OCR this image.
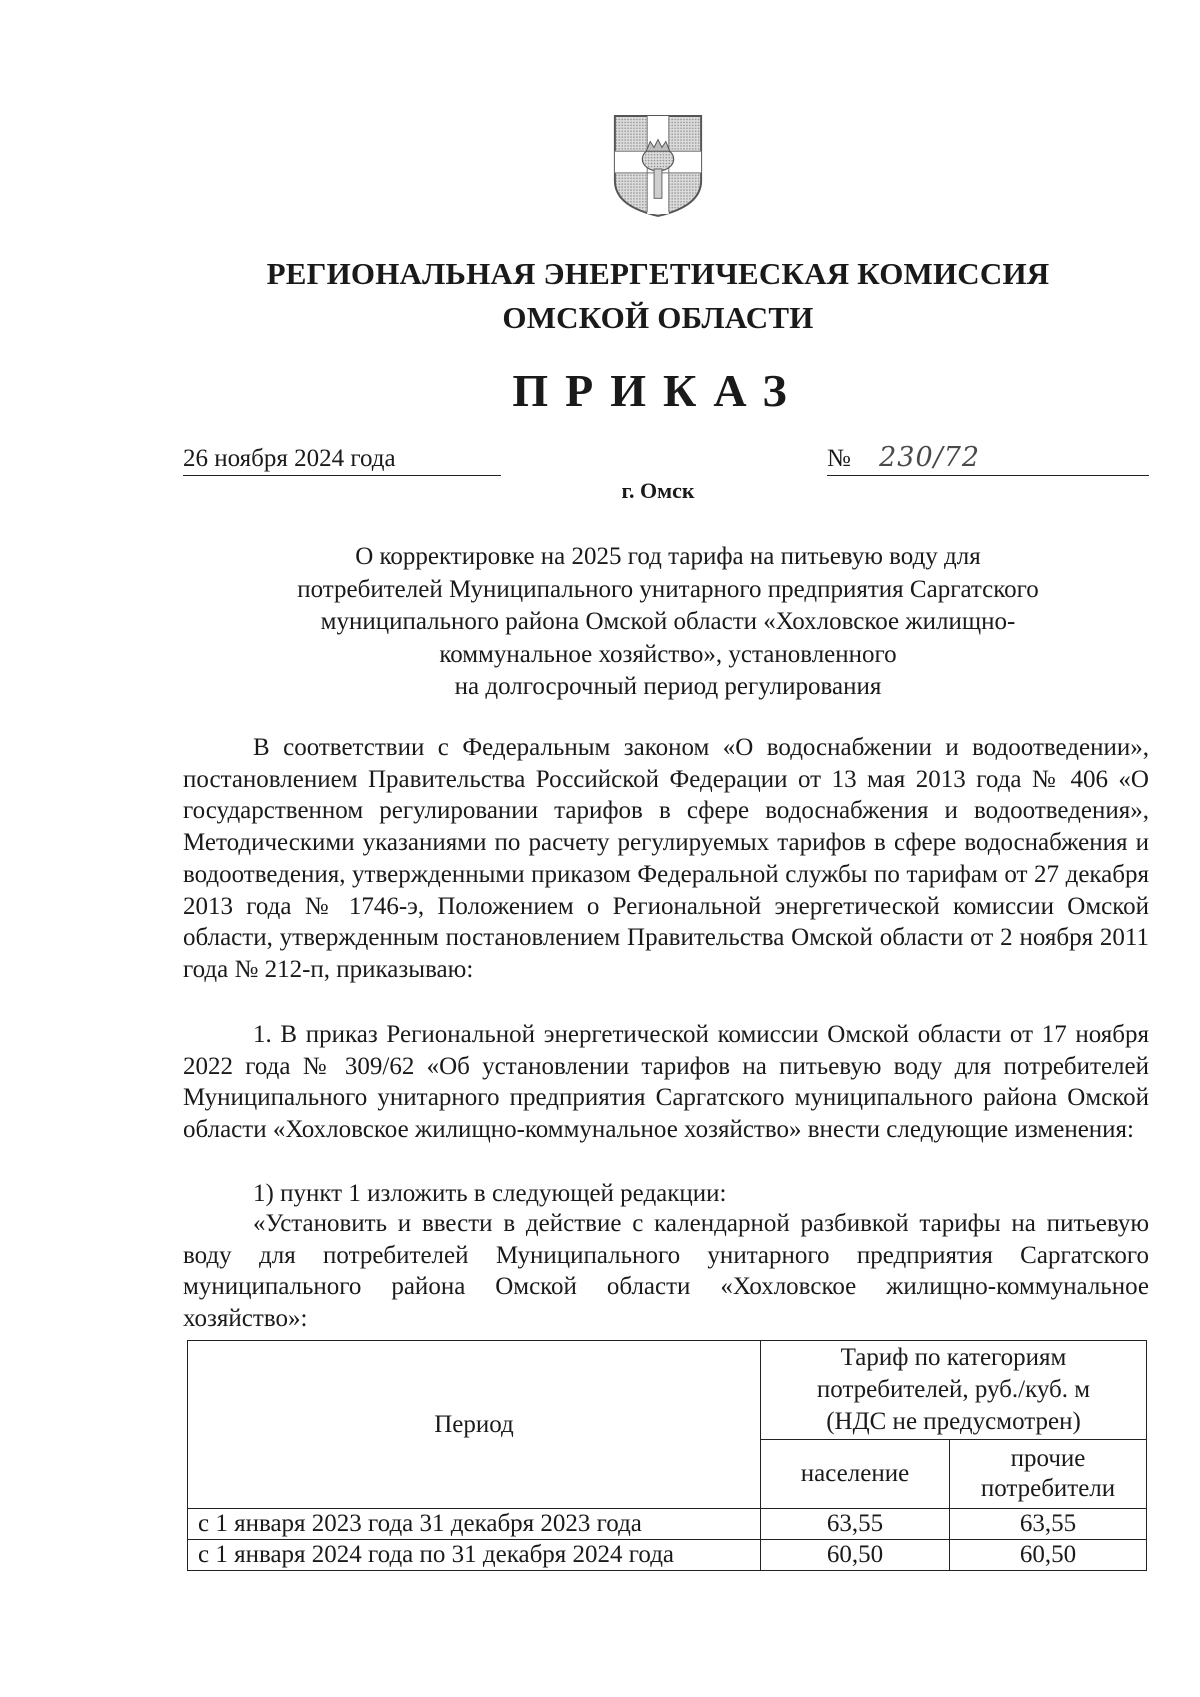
РЕГИОНАЛЬНАЯ ЭНЕРГЕТИЧЕСКАЯ КОМИССИЯ
ОМСКОЙ ОБЛАСТИ
ПРИКАЗ
26 ноября 2024 года	№ 230/72
г. Омск
О корректировке на 2025 год тарифа на питьевую воду для
потребителей Муниципального унитарного предприятия Саргатского
муниципального района Омской области «Хохловское жилищно-
коммунальное хозяйство», установленного
на долгосрочный период регулирования

В соответствии с Федеральным законом «О водоснабжении и водоотведении», постановлением Правительства Российской Федерации от 13 мая 2013 года № 406 «О государственном регулировании тарифов в сфере водоснабжения и водоотведения», Методическими указаниями по расчету регулируемых тарифов в сфере водоснабжения и водоотведения, утвержденными приказом Федеральной службы по тарифам от 27 декабря 2013 года № 1746-э, Положением о Региональной энергетической комиссии Омской области, утвержденным постановлением Правительства Омской области от 2 ноября 2011 года № 212-п, приказываю:

1. В приказ Региональной энергетической комиссии Омской области от 17 ноября 2022 года № 309/62 «Об установлении тарифов на питьевую воду для потребителей Муниципального унитарного предприятия Саргатского муниципального района Омской области «Хохловское жилищно-коммунальное хозяйство» внести следующие изменения:

1) пункт 1 изложить в следующей редакции:

«Установить и ввести в действие с календарной разбивкой тарифы на питьевую воду для потребителей Муниципального унитарного предприятия Саргатского муниципального района Омской области «Хохловское жилищно-коммунальное хозяйство»:

Период	Тариф по категориям
потребителей, руб./куб. м
(НДС не предусмотрен)	
	население	прочие
потребители
с 1 января 2023 года 31 декабря 2023 года	63,55	63,55
с 1 января 2024 года по 31 декабря 2024 года	60,50	60,50
